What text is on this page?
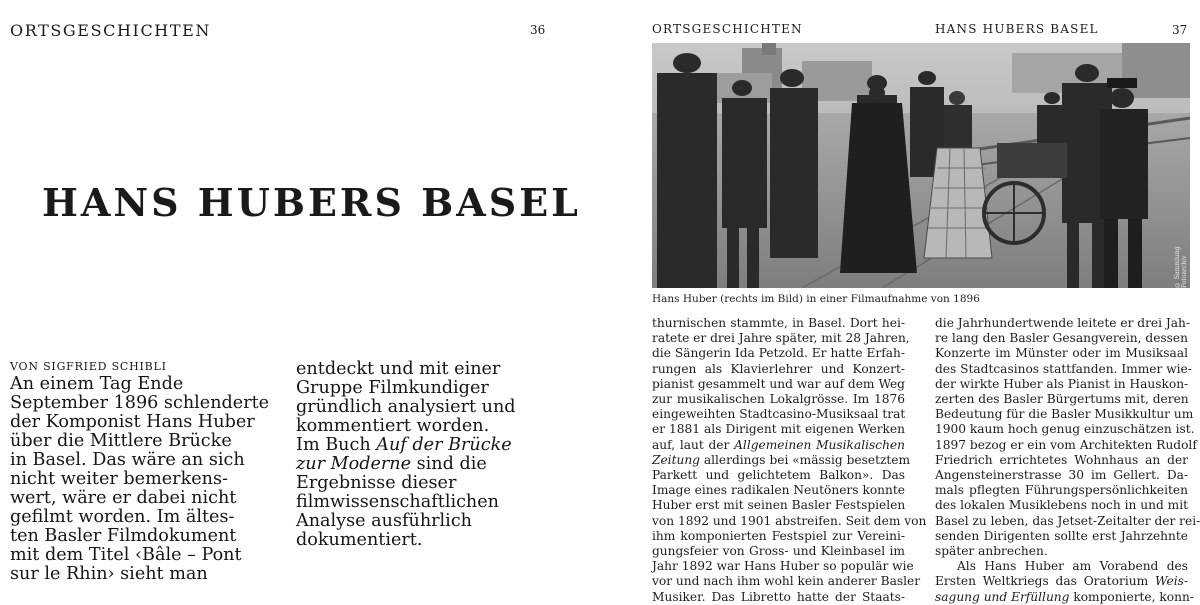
ORTSGESCHICHTEN	36
HANS HUBERS BASEL
VON SIGFRIED SCHIBLI
An einem Tag Ende
September 1896 schlenderte
der Komponist Hans Huber
über die Mittlere Brücke
in Basel. Das wäre an sich
nicht weiter bemerkens-
wert, wäre er dabei nicht
gefilmt worden. Im ältes-
ten Basler Filmdokument
mit dem Titel ‹Bâle – Pont
sur le Rhin› sieht man
entdeckt und mit einer
Gruppe Filmkundiger
gründlich analysiert und
kommentiert worden.
Im Buch Auf der Brücke
zur Moderne sind die
Ergebnisse dieser
filmwissenschaftlichen
Analyse ausführlich
dokumentiert.
ORTSGESCHICHTEN	HANS HUBERS BASEL	37
© Sammlung Fotoarchiv
Hans Huber (rechts im Bild) in einer Filmaufnahme von 1896
thurnischen stammte, in Basel. Dort hei-
ratete er drei Jahre später, mit 28 Jahren,
die Sängerin Ida Petzold. Er hatte Erfah-
rungen als Klavierlehrer und Konzert-
pianist gesammelt und war auf dem Weg
zur musikalischen Lokalgrösse. Im 1876
eingeweihten Stadtcasino-Musiksaal trat
er 1881 als Dirigent mit eigenen Werken
auf, laut der Allgemeinen Musikalischen
Zeitung allerdings bei «mässig besetztem
Parkett und gelichtetem Balkon». Das
Image eines radikalen Neutöners konnte
Huber erst mit seinen Basler Festspielen
von 1892 und 1901 abstreifen. Seit dem von
ihm komponierten Festspiel zur Vereini-
gungsfeier von Gross- und Kleinbasel im
Jahr 1892 war Hans Huber so populär wie
vor und nach ihm wohl kein anderer Basler
Musiker. Das Libretto hatte der Staats-
die Jahrhundertwende leitete er drei Jah-
re lang den Basler Gesangverein, dessen
Konzerte im Münster oder im Musiksaal
des Stadtcasinos stattfanden. Immer wie-
der wirkte Huber als Pianist in Hauskon-
zerten des Basler Bürgertums mit, deren
Bedeutung für die Basler Musikkultur um
1900 kaum hoch genug einzuschätzen ist.
1897 bezog er ein vom Architekten Rudolf
Friedrich errichtetes Wohnhaus an der
Angensteinerstrasse 30 im Gellert. Da-
mals pflegten Führungspersönlichkeiten
des lokalen Musiklebens noch in und mit
Basel zu leben, das Jetset-Zeitalter der rei-
senden Dirigenten sollte erst Jahrzehnte
später anbrechen.
Als Hans Huber am Vorabend des
Ersten Weltkriegs das Oratorium Weis-
sagung und Erfüllung komponierte, konn-
